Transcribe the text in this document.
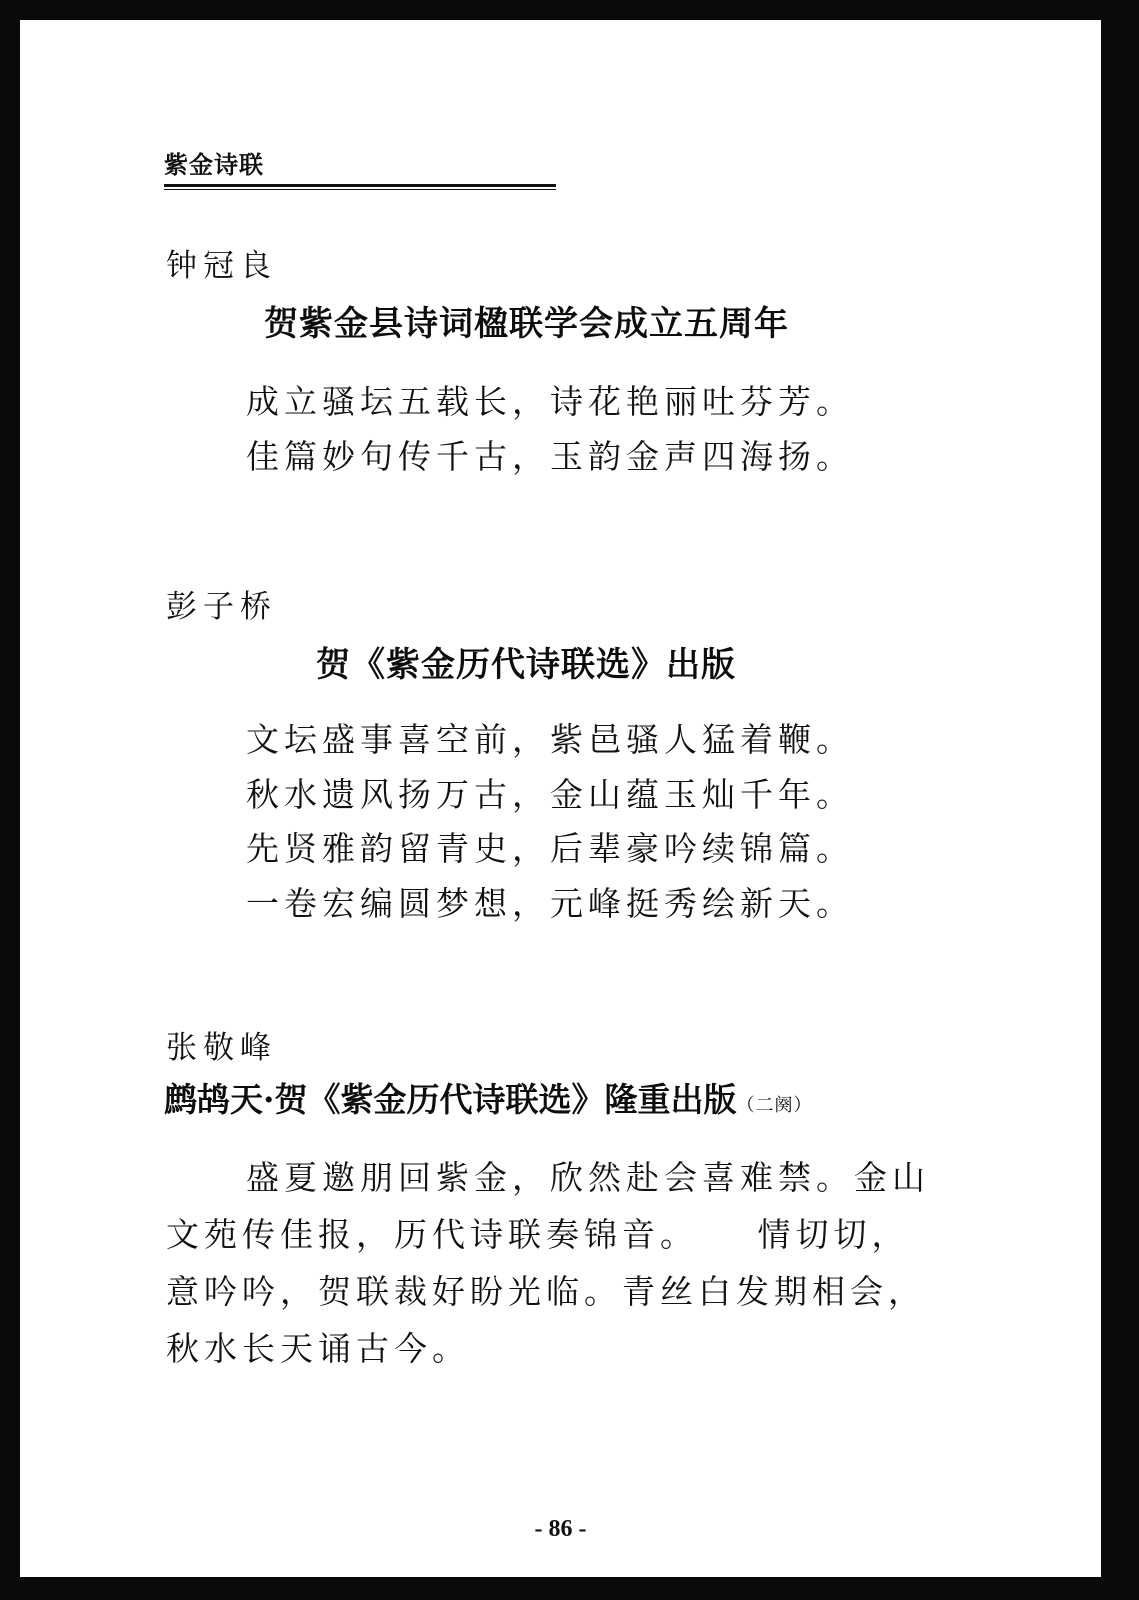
紫金诗联
钟冠良
贺紫金县诗词楹联学会成立五周年
成立骚坛五载长，诗花艳丽吐芬芳。
佳篇妙句传千古，玉韵金声四海扬。
彭子桥
贺《紫金历代诗联选》出版
文坛盛事喜空前，紫邑骚人猛着鞭。
秋水遗风扬万古，金山蕴玉灿千年。
先贤雅韵留青史，后辈豪吟续锦篇。
一卷宏编圆梦想，元峰挺秀绘新天。
张敬峰
鹧鸪天·贺《紫金历代诗联选》隆重出版（二阕）
盛夏邀朋回紫金，欣然赴会喜难禁。金山
文苑传佳报，历代诗联奏锦音。　　情切切，
意吟吟，贺联裁好盼光临。青丝白发期相会，
秋水长天诵古今。
- 86 -
